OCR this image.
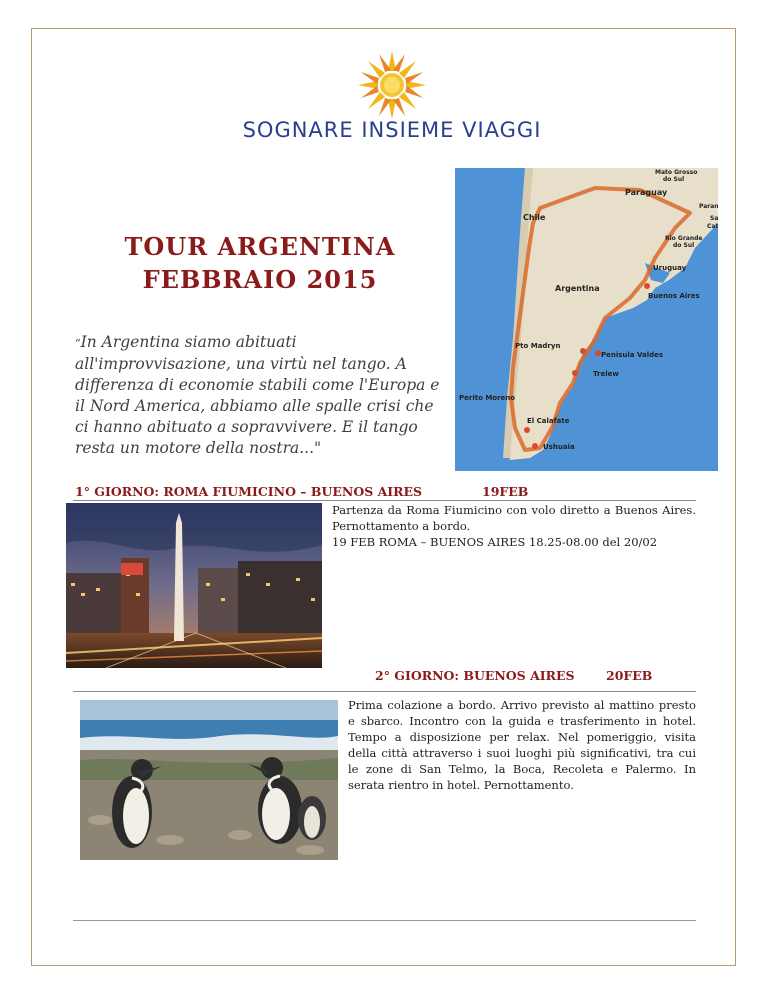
SOGNARE INSIEME VIAGGI
Mato Grosso
do Sul
Paraguay
Paran
Sa
Cat
Chile
Rio Grande
do Sul
Uruguay
Argentina
Buenos Aires
Pto Madryn
Penisula Valdes
Trelew
Perito Moreno
El Calafate
Ushuaia
TOUR ARGENTINA
FEBBRAIO 2015
“In Argentina siamo abituati all'improvvisazione, una virtù nel tango. A differenza di economie stabili come l'Europa e il Nord America, abbiamo alle spalle crisi che ci hanno abituato a sopravvivere. E il tango resta un motore della nostra..."
1° GIORNO: ROMA FIUMICINO – BUENOS AIRES	19FEB
Partenza da Roma Fiumicino con volo diretto a Buenos Aires. Pernottamento a bordo.
19 FEB ROMA – BUENOS AIRES 18.25-08.00 del 20/02
2° GIORNO: BUENOS AIRES	20FEB
Prima colazione a bordo. Arrivo previsto al mattino presto e sbarco. Incontro con la guida e trasferimento in hotel. Tempo a disposizione per relax. Nel pomeriggio, visita della città attraverso i suoi luoghi più significativi, tra cui le zone di San Telmo, la Boca, Recoleta e Palermo. In serata rientro in hotel. Pernottamento.
